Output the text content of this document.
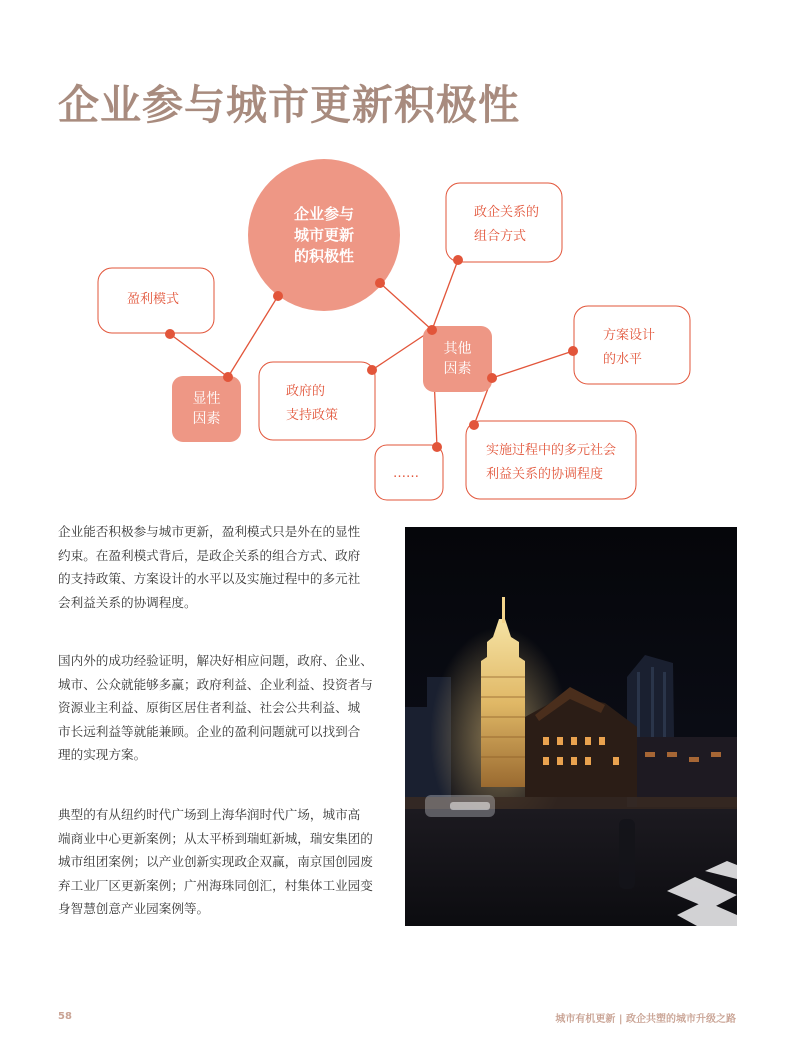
企业参与城市更新积极性
企业参与
城市更新
的积极性
显性
因素
其他
因素
盈利模式
政企关系的
组合方式
政府的
支持政策
方案设计
的水平
实施过程中的多元社会
利益关系的协调程度
……
企业能否积极参与城市更新，盈利模式只是外在的显性
约束。在盈利模式背后，是政企关系的组合方式、政府
的支持政策、方案设计的水平以及实施过程中的多元社
会利益关系的协调程度。
国内外的成功经验证明，解决好相应问题，政府、企业、
城市、公众就能够多赢；政府利益、企业利益、投资者与
资源业主利益、原街区居住者利益、社会公共利益、城
市长远利益等就能兼顾。企业的盈利问题就可以找到合
理的实现方案。
典型的有从纽约时代广场到上海华润时代广场，城市高
端商业中心更新案例；从太平桥到瑞虹新城，瑞安集团的
城市组团案例；以产业创新实现政企双赢，南京国创园废
弃工业厂区更新案例；广州海珠同创汇，村集体工业园变
身智慧创意产业园案例等。
58	城市有机更新 | 政企共塑的城市升级之路
